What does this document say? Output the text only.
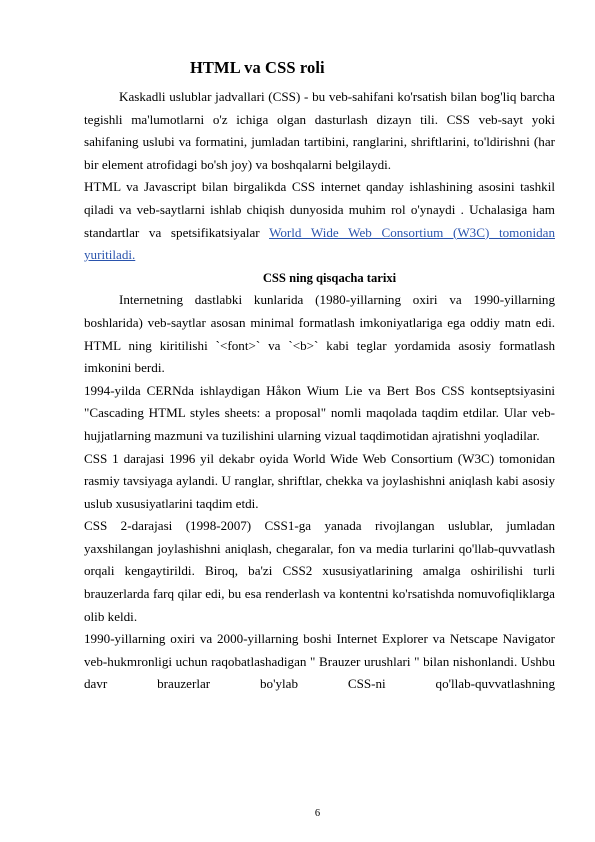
HTML va CSS roli

Kaskadli uslublar jadvallari (CSS) - bu veb-sahifani ko'rsatish bilan bog'liq barcha tegishli ma'lumotlarni o'z ichiga olgan dasturlash dizayn tili. CSS veb-sayt yoki sahifaning uslubi va formatini, jumladan tartibini, ranglarini, shriftlarini, to'ldirishni (har bir element atrofidagi bo'sh joy) va boshqalarni belgilaydi.

HTML va Javascript bilan birgalikda CSS internet qanday ishlashining asosini tashkil qiladi va veb-saytlarni ishlab chiqish dunyosida muhim rol o'ynaydi . Uchalasiga ham standartlar va spetsifikatsiyalar World Wide Web Consortium (W3C) tomonidan yuritiladi.

CSS ning qisqacha tarixi

Internetning dastlabki kunlarida (1980-yillarning oxiri va 1990-yillarning boshlarida) veb-saytlar asosan minimal formatlash imkoniyatlariga ega oddiy matn edi. HTML ning kiritilishi `<font>` va `<b>` kabi teglar yordamida asosiy formatlash imkonini berdi.

1994-yilda CERNda ishlaydigan Håkon Wium Lie va Bert Bos CSS kontseptsiyasini "Cascading HTML styles sheets: a proposal" nomli maqolada taqdim etdilar. Ular veb-hujjatlarning mazmuni va tuzilishini ularning vizual taqdimotidan ajratishni yoqladilar.

CSS 1 darajasi 1996 yil dekabr oyida World Wide Web Consortium (W3C) tomonidan rasmiy tavsiyaga aylandi. U ranglar, shriftlar, chekka va joylashishni aniqlash kabi asosiy uslub xususiyatlarini taqdim etdi.

CSS 2-darajasi (1998-2007) CSS1-ga yanada rivojlangan uslublar, jumladan yaxshilangan joylashishni aniqlash, chegaralar, fon va media turlarini qo'llab-quvvatlash orqali kengaytirildi. Biroq, ba'zi CSS2 xususiyatlarining amalga oshirilishi turli brauzerlarda farq qilar edi, bu esa renderlash va kontentni ko'rsatishda nomuvofiqliklarga olib keldi.

1990-yillarning oxiri va 2000-yillarning boshi Internet Explorer va Netscape Navigator veb-hukmronligi uchun raqobatlashadigan " Brauzer urushlari " bilan nishonlandi. Ushbu davr brauzerlar bo'ylab CSS-ni qo'llab-quvvatlashning

6
